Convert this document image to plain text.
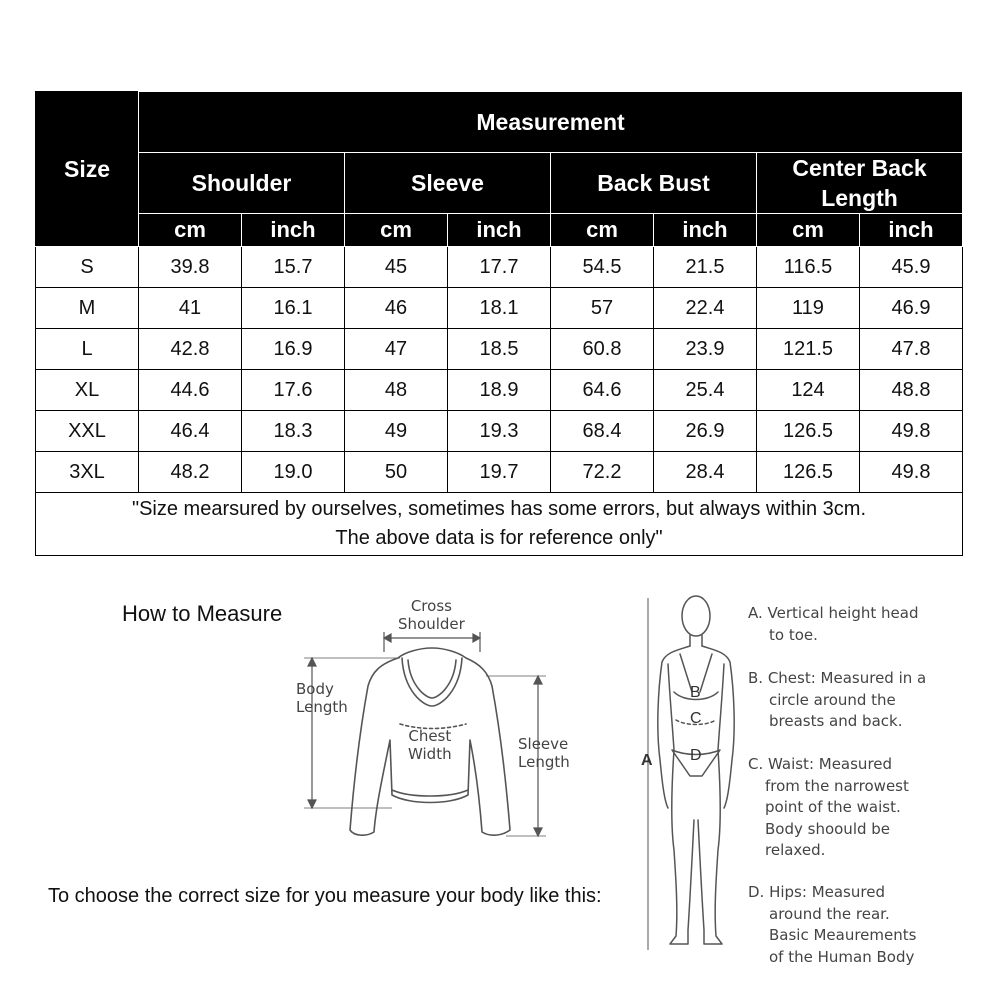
Size	Measurement							
	Shoulder		Sleeve		Back Bust		Center Back Length	
	cm	inch	cm	inch	cm	inch	cm	inch
S	39.8	15.7	45	17.7	54.5	21.5	116.5	45.9
M	41	16.1	46	18.1	57	22.4	119	46.9
L	42.8	16.9	47	18.5	60.8	23.9	121.5	47.8
XL	44.6	17.6	48	18.9	64.6	25.4	124	48.8
XXL	46.4	18.3	49	19.3	68.4	26.9	126.5	49.8
3XL	48.2	19.0	50	19.7	72.2	28.4	126.5	49.8

"Size mearsured by ourselves, sometimes has some errors, but always within 3cm.
The above data is for reference only"								
How to Measure	Cross
Shoulder
Body
Length
Chest
Width
Sleeve
Length
To choose the correct size for you measure your body like this:
A
B
C
D
A. Vertical height head
to toe.
B. Chest: Measured in a
circle around the
breasts and back.
C. Waist: Measured
from the narrowest
point of the waist.
Body shoould be
relaxed.
D. Hips: Measured
around the rear.
Basic Meaurements
of the Human Body
